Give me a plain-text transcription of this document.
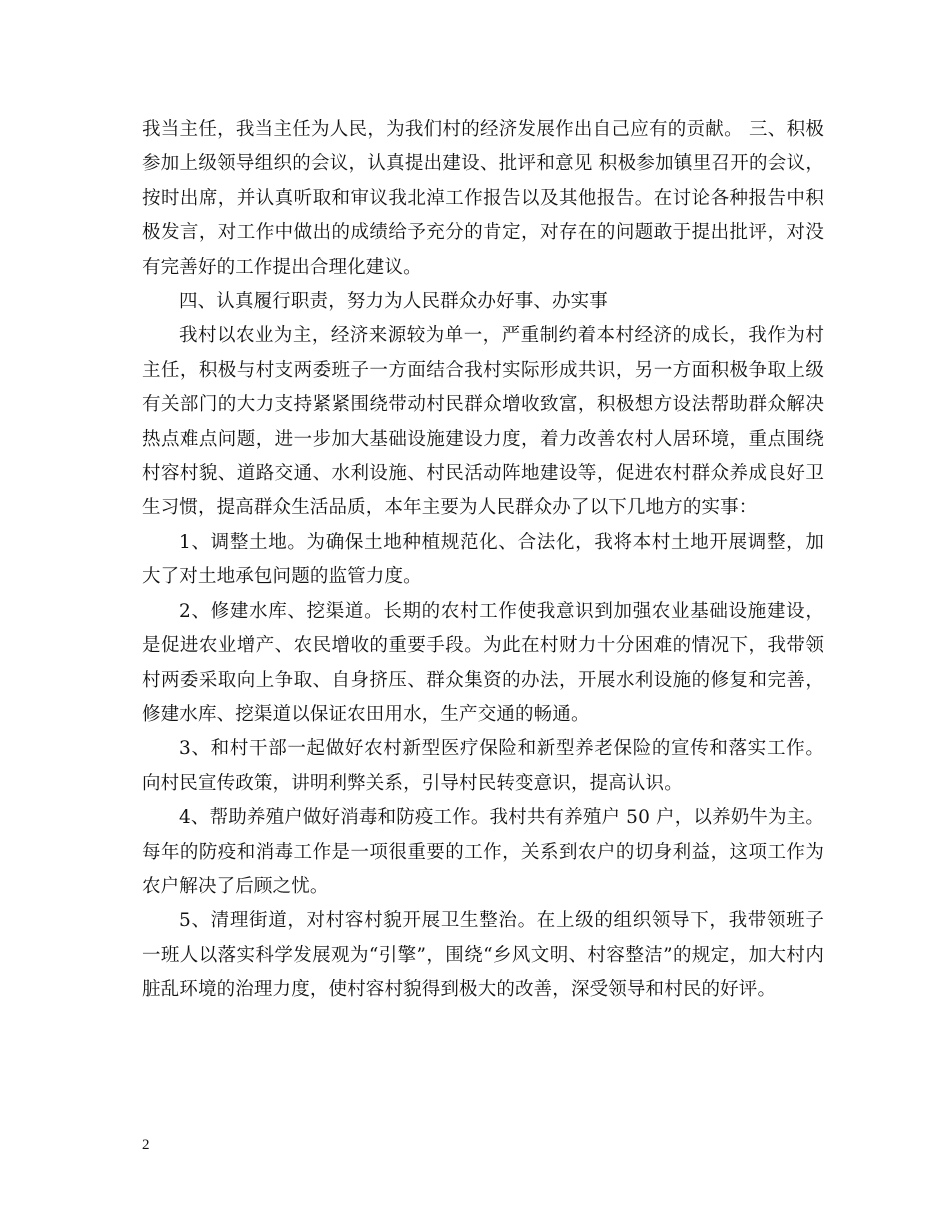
我当主任，我当主任为人民，为我们村的经济发展作出自己应有的贡献。 三、积极参加上级领导组织的会议，认真提出建设、批评和意见 积极参加镇里召开的会议，按时出席，并认真听取和审议我北淖工作报告以及其他报告。在讨论各种报告中积极发言，对工作中做出的成绩给予充分的肯定，对存在的问题敢于提出批评，对没有完善好的工作提出合理化建议。

四、认真履行职责，努力为人民群众办好事、办实事

我村以农业为主，经济来源较为单一，严重制约着本村经济的成长，我作为村主任，积极与村支两委班子一方面结合我村实际形成共识，另一方面积极争取上级有关部门的大力支持紧紧围绕带动村民群众增收致富，积极想方设法帮助群众解决热点难点问题，进一步加大基础设施建设力度，着力改善农村人居环境，重点围绕村容村貌、道路交通、水利设施、村民活动阵地建设等，促进农村群众养成良好卫生习惯，提高群众生活品质，本年主要为人民群众办了以下几地方的实事：

1、调整土地。为确保土地种植规范化、合法化，我将本村土地开展调整，加大了对土地承包问题的监管力度。

2、修建水库、挖渠道。长期的农村工作使我意识到加强农业基础设施建设，是促进农业增产、农民增收的重要手段。为此在村财力十分困难的情况下，我带领村两委采取向上争取、自身挤压、群众集资的办法，开展水利设施的修复和完善，修建水库、挖渠道以保证农田用水，生产交通的畅通。

3、和村干部一起做好农村新型医疗保险和新型养老保险的宣传和落实工作。向村民宣传政策，讲明利弊关系，引导村民转变意识，提高认识。

4、帮助养殖户做好消毒和防疫工作。我村共有养殖户 50 户，以养奶牛为主。每年的防疫和消毒工作是一项很重要的工作，关系到农户的切身利益，这项工作为农户解决了后顾之忧。

5、清理街道，对村容村貌开展卫生整治。在上级的组织领导下，我带领班子一班人以落实科学发展观为“引擎”，围绕“乡风文明、村容整洁”的规定，加大村内脏乱环境的治理力度，使村容村貌得到极大的改善，深受领导和村民的好评。

2
